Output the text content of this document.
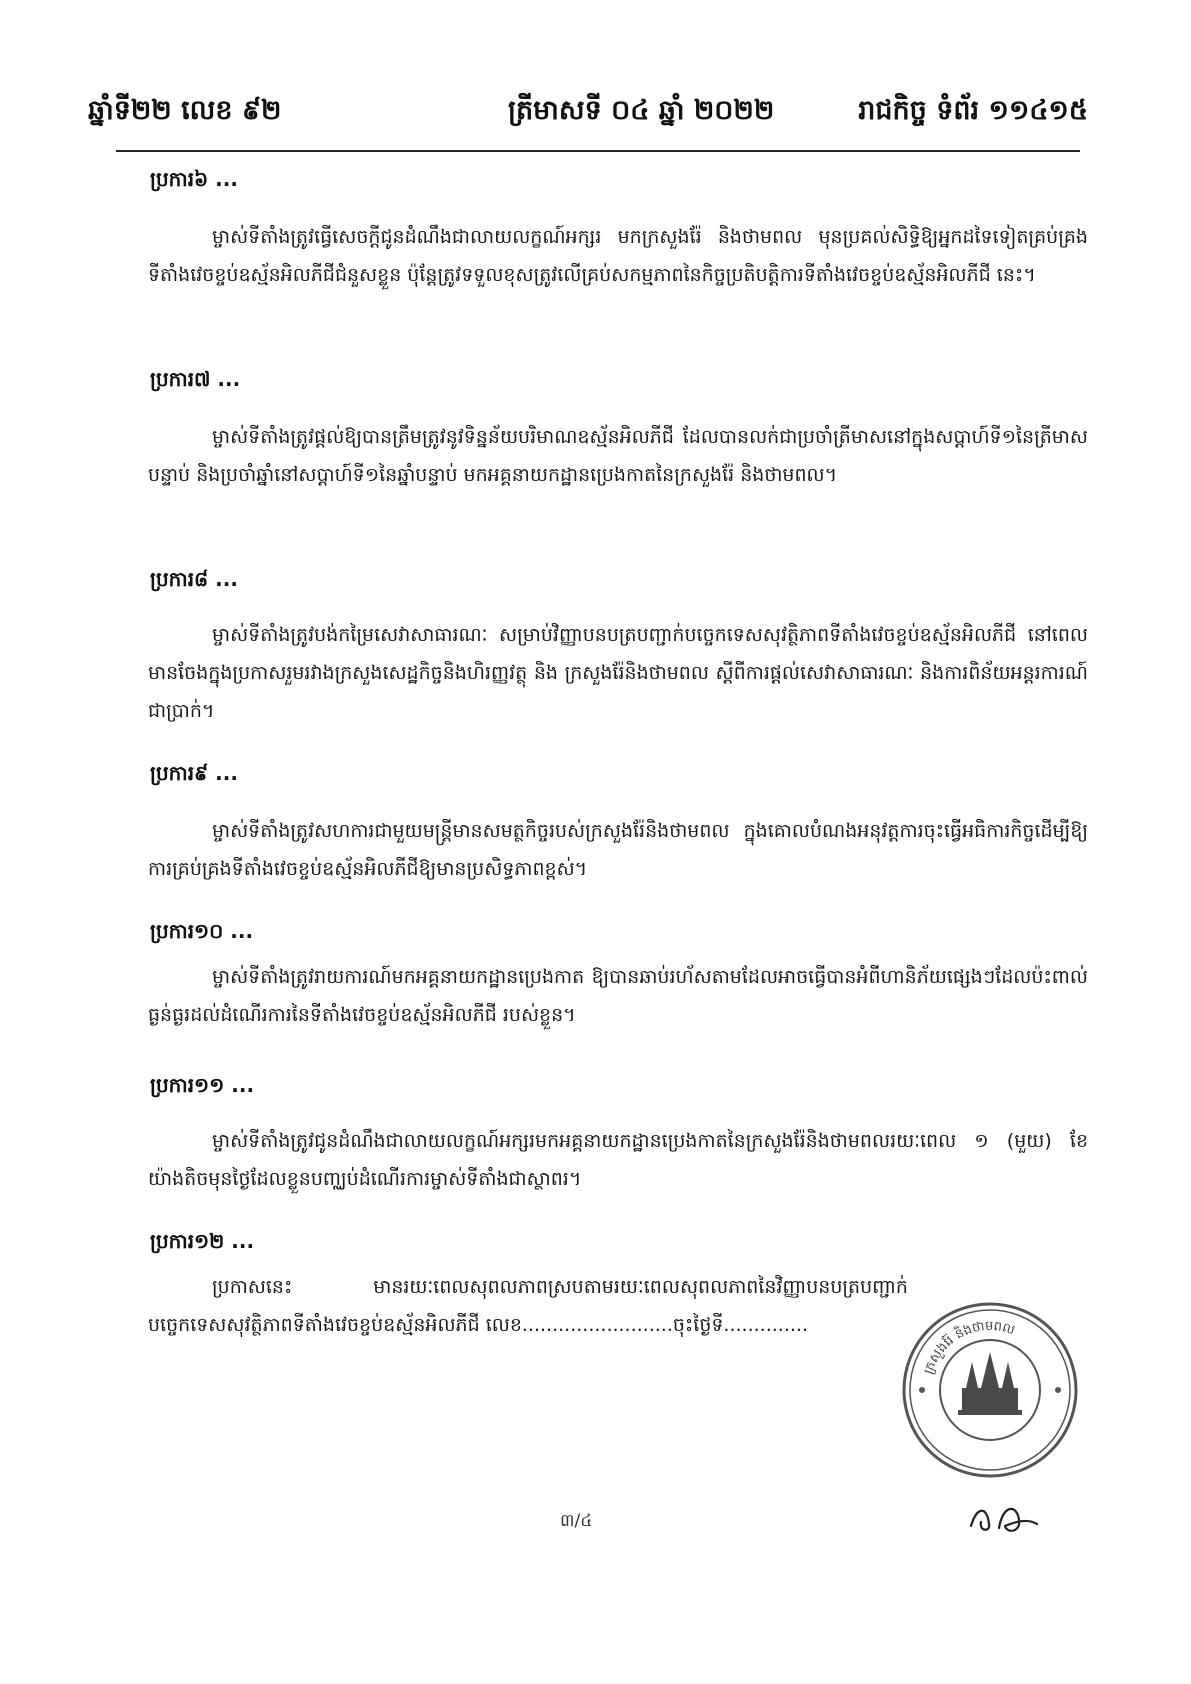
ឆ្នាំទី២២ លេខ ៩២	ត្រីមាសទី ០៤ ឆ្នាំ ២០២២	រាជកិច្ច ទំព័រ ១១៤១៥
ប្រការ៦ ...

ម្ចាស់ទីតាំងត្រូវធ្វើសេចក្ដីជូនដំណឹងជាលាយលក្ខណ៍អក្សរ មកក្រសួងរ៉ែ និងថាមពល មុនប្រគល់សិទ្ធិឱ្យអ្នកដទៃទៀតគ្រប់គ្រងទីតាំងវេចខ្ចប់ឧស្ម័នអិលភីជីជំនួសខ្លួន ប៉ុន្តែត្រូវទទួលខុសត្រូវលើគ្រប់សកម្មភាពនៃកិច្ចប្រតិបត្តិការទីតាំងវេចខ្ចប់ឧស្ម័នអិលភីជី នេះ។

ប្រការ៧ ...

ម្ចាស់ទីតាំងត្រូវផ្ដល់ឱ្យបានត្រឹមត្រូវនូវទិន្នន័យបរិមាណឧស្ម័នអិលភីជី ដែលបានលក់ជាប្រចាំត្រីមាសនៅក្នុងសប្ដាហ៍ទី១នៃត្រីមាសបន្ទាប់ និងប្រចាំឆ្នាំនៅសប្ដាហ៍ទី១នៃឆ្នាំបន្ទាប់ មកអគ្គនាយកដ្ឋានប្រេងកាតនៃក្រសួងរ៉ែ និងថាមពល។

ប្រការ៨ ...

ម្ចាស់ទីតាំងត្រូវបង់កម្រៃសេវាសាធារណៈ សម្រាប់វិញ្ញាបនបត្របញ្ជាក់បច្ចេកទេសសុវត្ថិភាពទីតាំងវេចខ្ចប់ឧស្ម័នអិលភីជី នៅពេលមានចែងក្នុងប្រកាសរួមរវាងក្រសួងសេដ្ឋកិច្ចនិងហិរញ្ញវត្ថុ និង ក្រសួងរ៉ែនិងថាមពល ស្ដីពីការផ្ដល់សេវាសាធារណៈ និងការពិន័យអន្តរការណ៍ជាប្រាក់។

ប្រការ៩ ...

ម្ចាស់ទីតាំងត្រូវសហការជាមួយមន្ត្រីមានសមត្ថកិច្ចរបស់ក្រសួងរ៉ែនិងថាមពល ក្នុងគោលបំណងអនុវត្តការចុះធ្វើអធិការកិច្ចដើម្បីឱ្យការគ្រប់គ្រងទីតាំងវេចខ្ចប់ឧស្ម័នអិលភីជីឱ្យមានប្រសិទ្ធភាពខ្ពស់។

ប្រការ១០ ...

ម្ចាស់ទីតាំងត្រូវរាយការណ៍មកអគ្គនាយកដ្ឋានប្រេងកាត ឱ្យបានឆាប់រហ័សតាមដែលអាចធ្វើបានអំពីហានិភ័យផ្សេងៗដែលប៉ះពាល់ធ្ងន់ធ្ងរដល់ដំណើរការនៃទីតាំងវេចខ្ចប់ឧស្ម័នអិលភីជី របស់ខ្លួន។

ប្រការ១១ ...

ម្ចាស់ទីតាំងត្រូវជូនដំណឹងជាលាយលក្ខណ៍អក្សរមកអគ្គនាយកដ្ឋានប្រេងកាតនៃក្រសួងរ៉ែនិងថាមពលរយៈពេល ១ (មួយ) ខែ យ៉ាងតិចមុនថ្ងៃដែលខ្លួនបញ្ឈប់ដំណើរការម្ចាស់ទីតាំងជាស្ថាពរ។

ប្រការ១២ ...

ប្រកាសនេះ មានរយៈពេលសុពលភាពស្របតាមរយៈពេលសុពលភាពនៃវិញ្ញាបនបត្របញ្ជាក់បច្ចេកទេសសុវត្ថិភាពទីតាំងវេចខ្ចប់ឧស្ម័នអិលភីជី លេខ.........................ចុះថ្ងៃទី..............

៣/៤
ក្រសួងរ៉ែ និងថាមពល
